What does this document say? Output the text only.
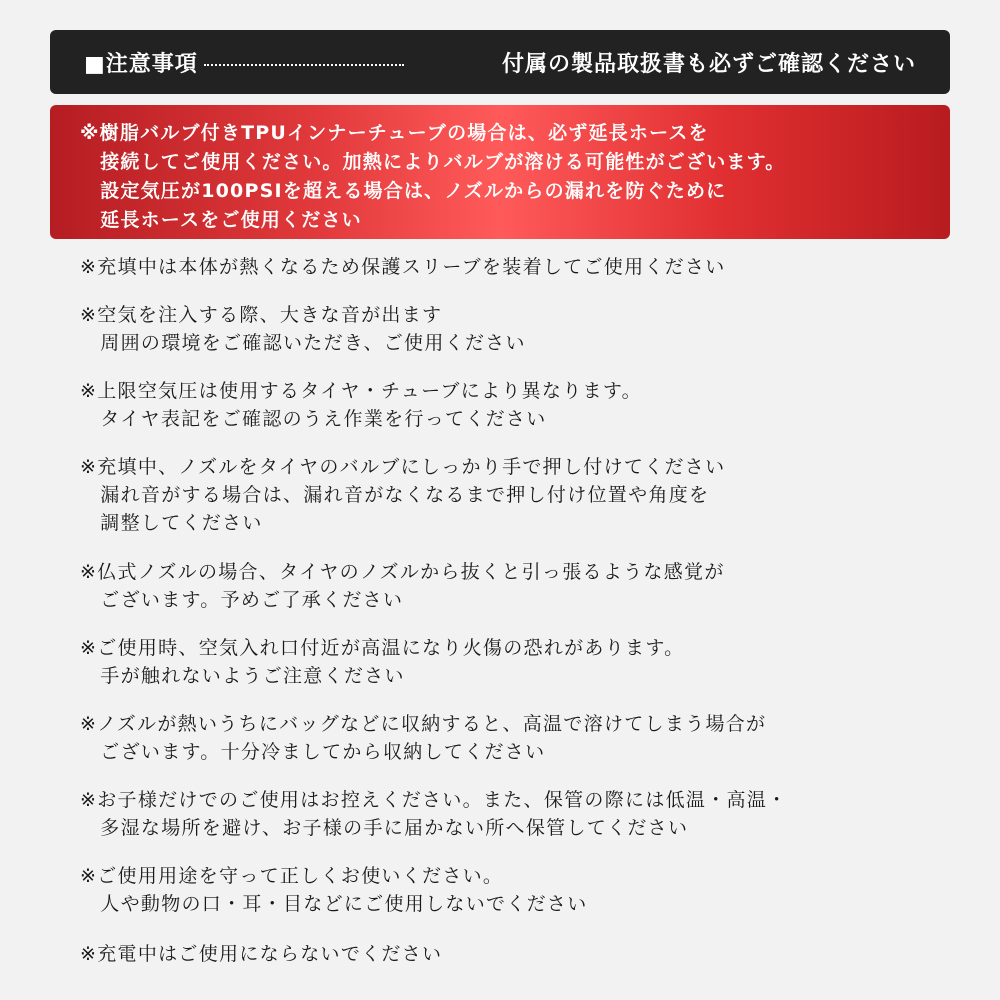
■注意事項	付属の製品取扱書も必ずご確認ください
※樹脂バルブ付きTPUインナーチューブの場合は、必ず延長ホースを
　接続してご使用ください。加熱によりバルブが溶ける可能性がございます。
　設定気圧が100PSIを超える場合は、ノズルからの漏れを防ぐために
　延長ホースをご使用ください
※充填中は本体が熱くなるため保護スリーブを装着してご使用ください
※空気を注入する際、大きな音が出ます
　周囲の環境をご確認いただき、ご使用ください
※上限空気圧は使用するタイヤ・チューブにより異なります。
　タイヤ表記をご確認のうえ作業を行ってください
※充填中、ノズルをタイヤのバルブにしっかり手で押し付けてください
　漏れ音がする場合は、漏れ音がなくなるまで押し付け位置や角度を
　調整してください
※仏式ノズルの場合、タイヤのノズルから抜くと引っ張るような感覚が
　ございます。予めご了承ください
※ご使用時、空気入れ口付近が高温になり火傷の恐れがあります。
　手が触れないようご注意ください
※ノズルが熱いうちにバッグなどに収納すると、高温で溶けてしまう場合が
　ございます。十分冷ましてから収納してください
※お子様だけでのご使用はお控えください。また、保管の際には低温・高温・
　多湿な場所を避け、お子様の手に届かない所へ保管してください
※ご使用用途を守って正しくお使いください。
　人や動物の口・耳・目などにご使用しないでください
※充電中はご使用にならないでください
